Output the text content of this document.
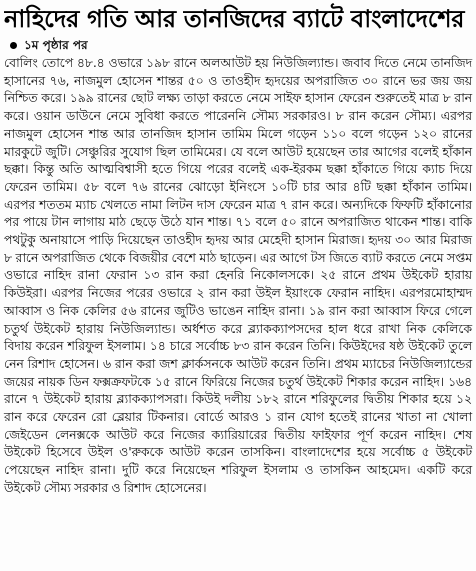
নাহিদের গতি আর তানজিদের ব্যাটে বাংলাদেশের
১ম পৃষ্ঠার পর

বোলিং তোপে ৪৮.৪ ওভারে ১৯৮ রানে অলআউট হয় নিউজিল্যান্ড। জবাব দিতে নেমে তানজিদ হাসানের ৭৬, নাজমুল হোসেন শান্তর ৫০ ও তাওহীদ হৃদয়ের অপরাজিত ৩০ রানে ভর জয় জয় নিশ্চিত করে। ১৯৯ রানের ছোট লক্ষ্য তাড়া করতে নেমে সাইফ হাসান ফেরেন শুরুতেই মাত্র ৮ রান করে। ওয়ান ডাউনে নেমে সুবিধা করতে পারেননি সৌম্য সরকারও। ৮ রান করেন সৌম্য। এরপর নাজমুল হোসেন শান্ত আর তানজিদ হাসান তামিম মিলে গড়েন ১১০ বলে গড়েন ১২০ রানের মারকুটে জুটি। সেঞ্চুরির সুযোগ ছিল তামিমের। যে বলে আউট হয়েছেন তার আগের বলেই হাঁকান ছক্কা। কিন্তু অতি আত্মবিশ্বাসী হতে গিয়ে পরের বলেই এক-ইরকম ছক্কা হাঁকাতে গিয়ে ক্যাচ দিয়ে ফেরেন তামিম। ৫৮ বলে ৭৬ রানের ঝোড়ো ইনিংসে ১০টি চার আর ৪টি ছক্কা হাঁকান তামিম। এরপর শততম ম্যাচ খেলতে নামা লিটন দাস ফেরেন মাত্র ৭ রান করে। অন্যদিকে ফিফটি হাঁকানোর পর পায়ে টান লাগায় মাঠ ছেড়ে উঠে যান শান্ত। ৭১ বলে ৫০ রানে অপরাজিত থাকেন শান্ত। বাকি পথটুকু অনায়াসে পাড়ি দিয়েছেন তাওহীদ হৃদয় আর মেহেদী হাসান মিরাজ। হৃদয় ৩০ আর মিরাজ ৮ রানে অপরাজিত থেকে বিজয়ীর বেশে মাঠ ছাড়েন। এর আগে টস জিতে ব্যাট করতে নেমে সপ্তম ওভারে নাহিদ রানা ফেরান ১৩ রান করা হেনরি নিকোলসকে। ২৫ রানে প্রথম উইকেট হারায় কিউইরা। এরপর নিজের পরের ওভারে ২ রান করা উইল ইয়াংকে ফেরান নাহিদ। এরপরমোহাম্মদ আব্বাস ও নিক কেলির ৫৬ রানের জুটিও ভাঙেন নাহিদ রানা। ১৯ রান করা আব্বাস ফিরে গেলে চতুর্থ উইকেট হারায় নিউজিল্যান্ড। অর্ধশত করে ব্ল্যাকক্যাপসদের হাল ধরে রাখা নিক কেলিকে বিদায় করেন শরিফুল ইসলাম। ১৪ চারে সর্বোচ্চ ৮৩ রান করেন তিনি। কিউইদের ষষ্ঠ উইকেট তুলে নেন রিশাদ হোসেন। ৬ রান করা জশ ক্লার্কসনকে আউট করেন তিনি। প্রথম ম্যাচের নিউজিল্যান্ডের জয়ের নায়ক ডিন ফক্সক্রফটকে ১৫ রানে ফিরিয়ে নিজের চতুর্থ উইকেট শিকার করেন নাহিদ। ১৬৪ রানে ৭ উইকেট হারায় ব্ল্যাকক্যাপসরা। কিউই দলীয় ১৮২ রানে শরিফুলের দ্বিতীয় শিকার হয়ে ১২ রান করে ফেরেন রো ব্লেয়ার টিকনার। বোর্ডে আরও ১ রান যোগ হতেই রানের খাতা না খোলা জেইডেন লেনক্সকে আউট করে নিজের ক্যারিয়ারের দ্বিতীয় ফাইফার পূর্ণ করেন নাহিদ। শেষ উইকেট হিসেবে উইল ও'রুককে আউট করেন তাসকিন। বাংলাদেশের হয়ে সর্বোচ্চ ৫ উইকেট পেয়েছেন নাহিদ রানা। দুটি করে নিয়েছেন শরিফুল ইসলাম ও তাসকিন আহমেদ। একটি করে উইকেট সৌম্য সরকার ও রিশাদ হোসেনের।
